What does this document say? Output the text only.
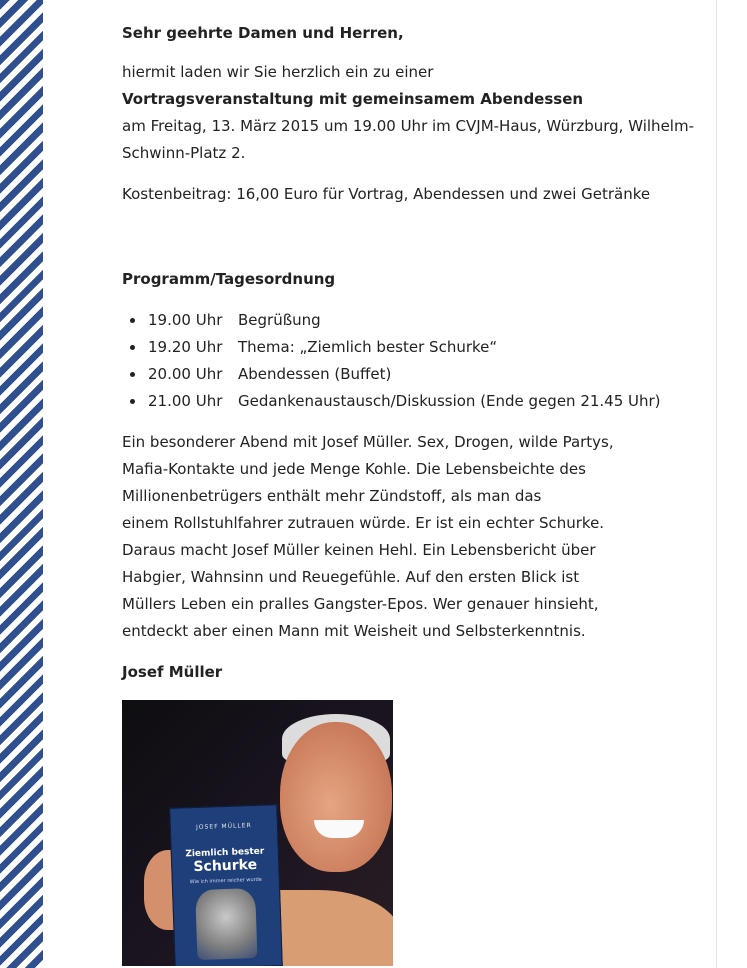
Sehr geehrte Damen und Herren,

hiermit laden wir Sie herzlich ein zu einer

Vortragsveranstaltung mit gemeinsamem Abendessen

am Freitag, 13. März 2015 um 19.00 Uhr im CVJM-Haus, Würzburg, Wilhelm-

Schwinn-Platz 2.

Kostenbeitrag: 16,00 Euro für Vortrag, Abendessen und zwei Getränke

Programm/Tagesordnung

19.00 Uhr Begrüßung
19.20 Uhr Thema: „Ziemlich bester Schurke“
20.00 Uhr Abendessen (Buffet)
21.00 Uhr Gedankenaustausch/Diskussion (Ende gegen 21.45 Uhr)
Ein besonderer Abend mit Josef Müller. Sex, Drogen, wilde Partys,
Mafia-Kontakte und jede Menge Kohle. Die Lebensbeichte des
Millionenbetrügers enthält mehr Zündstoff, als man das
einem Rollstuhlfahrer zutrauen würde. Er ist ein echter Schurke.
Daraus macht Josef Müller keinen Hehl. Ein Lebensbericht über
Habgier, Wahnsinn und Reuegefühle. Auf den ersten Blick ist
Müllers Leben ein pralles Gangster-Epos. Wer genauer hinsieht,
entdeckt aber einen Mann mit Weisheit und Selbsterkenntnis.

Josef Müller

JOSEF MÜLLER
Ziemlich bester
Schurke
Wie ich immer reicher wurde
